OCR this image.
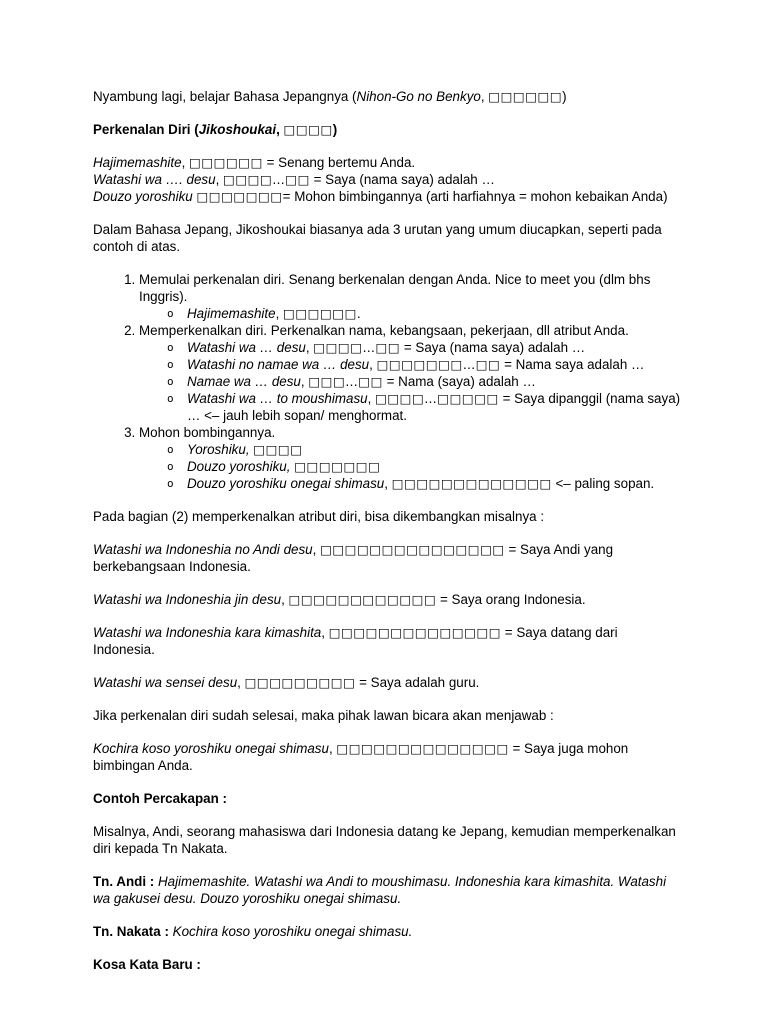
Nyambung lagi, belajar Bahasa Jepangnya (Nihon-Go no Benkyo, □□□□□□)

Perkenalan Diri (Jikoshoukai, □□□□)

Hajimemashite, □□□□□□ = Senang bertemu Anda.

Watashi wa …. desu, □□□□…□□ = Saya (nama saya) adalah …

Douzo yoroshiku □□□□□□□= Mohon bimbingannya (arti harfiahnya = mohon kebaikan Anda)

Dalam Bahasa Jepang, Jikoshoukai biasanya ada 3 urutan yang umum diucapkan, seperti pada contoh di atas.

1. Memulai perkenalan diri. Senang berkenalan dengan Anda. Nice to meet you (dlm bhs Inggris).
o Hajimemashite, □□□□□□.
2. Memperkenalkan diri. Perkenalkan nama, kebangsaan, pekerjaan, dll atribut Anda.
o Watashi wa … desu, □□□□…□□ = Saya (nama saya) adalah …
o Watashi no namae wa … desu, □□□□□□□…□□ = Nama saya adalah …
o Namae wa … desu, □□□…□□ = Nama (saya) adalah …
o Watashi wa … to moushimasu, □□□□…□□□□□ = Saya dipanggil (nama saya) … <– jauh lebih sopan/ menghormat.
3. Mohon bombingannya.
o Yoroshiku, □□□□
o Douzo yoroshiku, □□□□□□□
o Douzo yoroshiku onegai shimasu, □□□□□□□□□□□□□ <– paling sopan.

Pada bagian (2) memperkenalkan atribut diri, bisa dikembangkan misalnya :

Watashi wa Indoneshia no Andi desu, □□□□□□□□□□□□□□□ = Saya Andi yang berkebangsaan Indonesia.

Watashi wa Indoneshia jin desu, □□□□□□□□□□□□ = Saya orang Indonesia.

Watashi wa Indoneshia kara kimashita, □□□□□□□□□□□□□□ = Saya datang dari Indonesia.

Watashi wa sensei desu, □□□□□□□□□ = Saya adalah guru.

Jika perkenalan diri sudah selesai, maka pihak lawan bicara akan menjawab :

Kochira koso yoroshiku onegai shimasu, □□□□□□□□□□□□□□ = Saya juga mohon bimbingan Anda.

Contoh Percakapan :

Misalnya, Andi, seorang mahasiswa dari Indonesia datang ke Jepang, kemudian memperkenalkan diri kepada Tn Nakata.

Tn. Andi : Hajimemashite. Watashi wa Andi to moushimasu. Indoneshia kara kimashita. Watashi wa gakusei desu. Douzo yoroshiku onegai shimasu.

Tn. Nakata : Kochira koso yoroshiku onegai shimasu.

Kosa Kata Baru :
